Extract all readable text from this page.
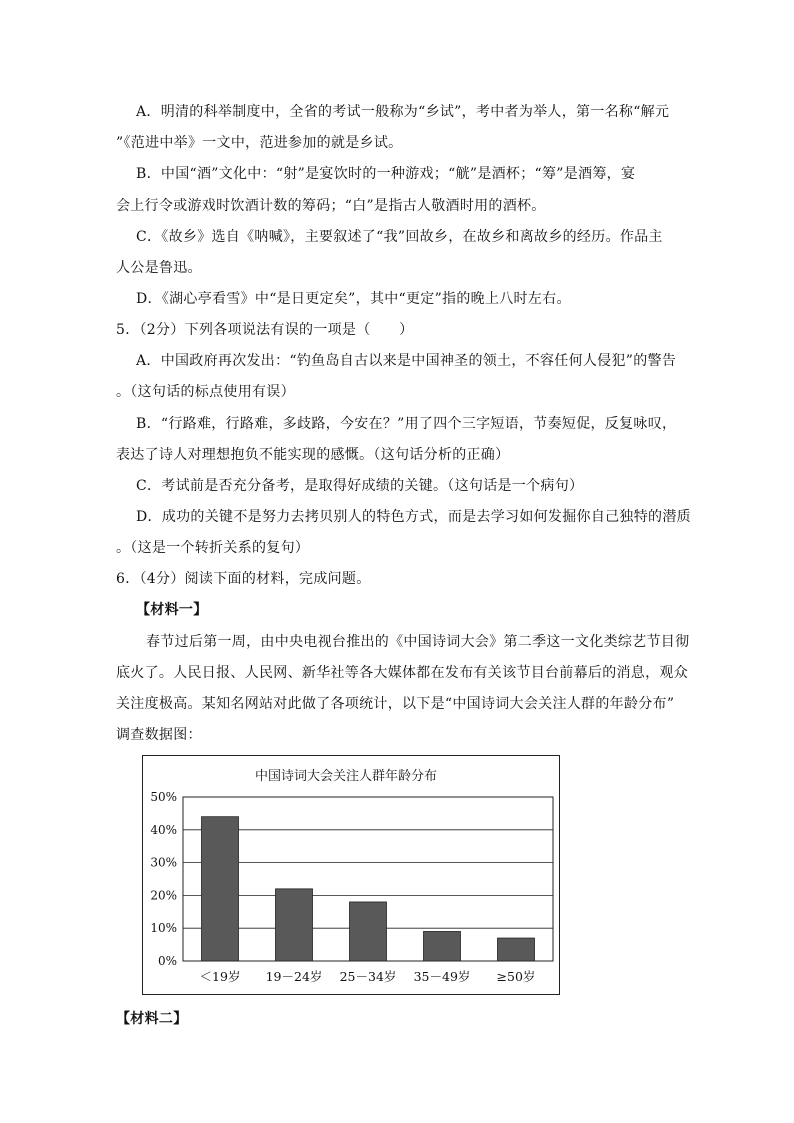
A．明清的科举制度中，全省的考试一般称为“乡试”，考中者为举人，第一名称“解元
”《范进中举》一文中，范进参加的就是乡试。
B．中国“酒”文化中：“射”是宴饮时的一种游戏；“觥”是酒杯；“筹”是酒筹，宴
会上行令或游戏时饮酒计数的筹码；“白”是指古人敬酒时用的酒杯。
C．《故乡》选自《呐喊》，主要叙述了“我”回故乡，在故乡和离故乡的经历。作品主
人公是鲁迅。
D．《湖心亭看雪》中“是日更定矣”，其中“更定”指的晚上八时左右。
5．（2分）下列各项说法有误的一项是（　　）
A．中国政府再次发出：“钓鱼岛自古以来是中国神圣的领土，不容任何人侵犯”的警告
。（这句话的标点使用有误）
B．“行路难，行路难，多歧路，今安在？”用了四个三字短语，节奏短促，反复咏叹，
表达了诗人对理想抱负不能实现的感慨。（这句话分析的正确）
C．考试前是否充分备考，是取得好成绩的关键。（这句话是一个病句）
D．成功的关键不是努力去拷贝别人的特色方式，而是去学习如何发掘你自己独特的潜质
。（这是一个转折关系的复句）
6．（4分）阅读下面的材料，完成问题。
【材料一】
春节过后第一周，由中央电视台推出的《中国诗词大会》第二季这一文化类综艺节目彻
底火了。人民日报、人民网、新华社等各大媒体都在发布有关该节目台前幕后的消息，观众
关注度极高。某知名网站对此做了各项统计，以下是“中国诗词大会关注人群的年龄分布”
调查数据图：
中国诗词大会关注人群年龄分布
0%
10%
20%
30%
40%
50%
＜19岁 19－24岁 25－34岁 35－49岁 ≥50岁
【材料二】
